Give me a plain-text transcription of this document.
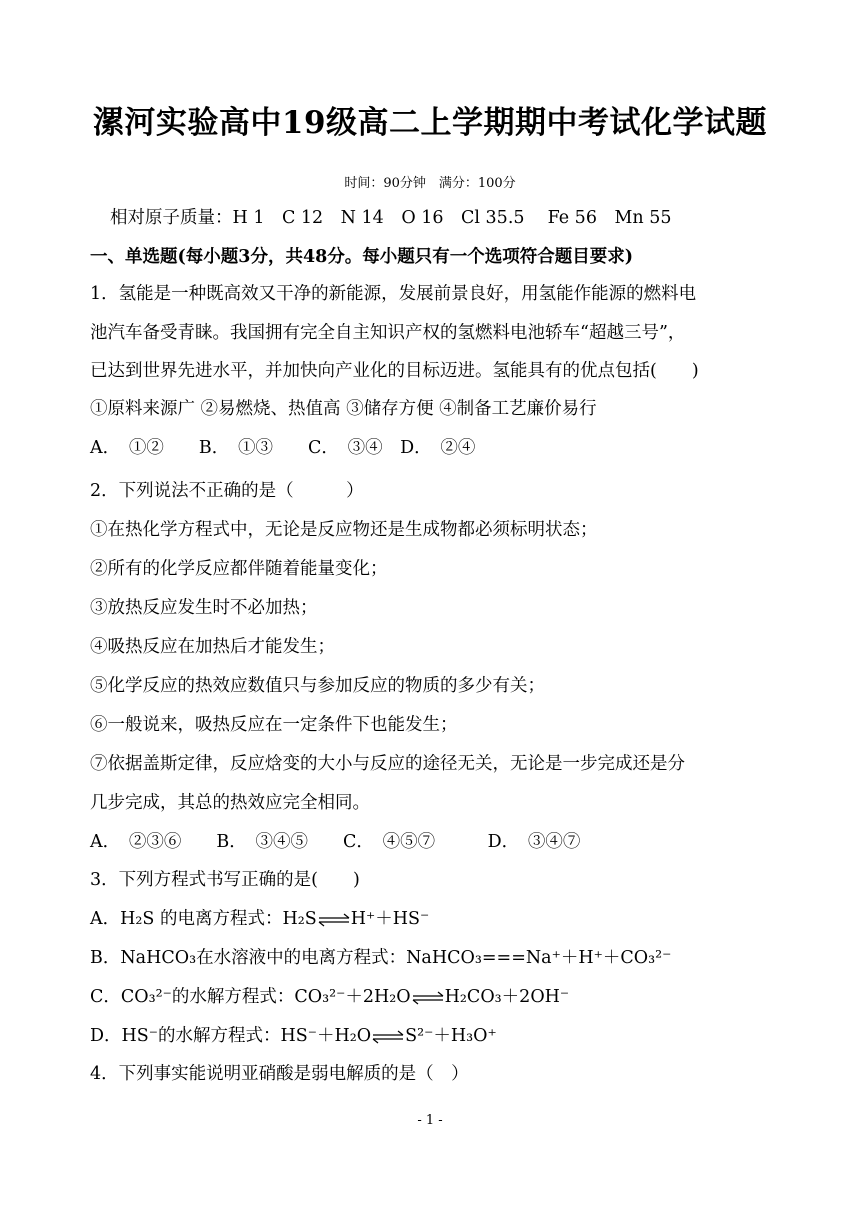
漯河实验高中19级高二上学期期中考试化学试题
时间：90分钟　满分：100分
相对原子质量：H 1　C 12　N 14　O 16　Cl 35.5　 Fe 56　Mn 55
一、单选题(每小题3分，共48分。每小题只有一个选项符合题目要求)
1．氢能是一种既高效又干净的新能源，发展前景良好，用氢能作能源的燃料电
池汽车备受青睐。我国拥有完全自主知识产权的氢燃料电池轿车“超越三号”，
已达到世界先进水平，并加快向产业化的目标迈进。氢能具有的优点包括(　　)
①原料来源广 ②易燃烧、热值高 ③储存方便 ④制备工艺廉价易行
A．　①②　　B．　①③　　C．　③④　D．　②④
2．下列说法不正确的是（　　　）
①在热化学方程式中，无论是反应物还是生成物都必须标明状态；
②所有的化学反应都伴随着能量变化；
③放热反应发生时不必加热；
④吸热反应在加热后才能发生；
⑤化学反应的热效应数值只与参加反应的物质的多少有关；
⑥一般说来，吸热反应在一定条件下也能发生；
⑦依据盖斯定律，反应焓变的大小与反应的途径无关，无论是一步完成还是分
几步完成，其总的热效应完全相同。
A．　②③⑥　　B．　③④⑤　　C．　④⑤⑦　　　D．　③④⑦
3．下列方程式书写正确的是(　　)
A．H₂S 的电离方程式：H₂S⇌H⁺＋HS⁻
B．NaHCO₃在水溶液中的电离方程式：NaHCO₃===Na⁺＋H⁺＋CO₃²⁻
C．CO₃²⁻的水解方程式：CO₃²⁻＋2H₂O⇌H₂CO₃＋2OH⁻
D．HS⁻的水解方程式：HS⁻＋H₂O⇌S²⁻＋H₃O⁺
4．下列事实能说明亚硝酸是弱电解质的是（　）
- 1 -
